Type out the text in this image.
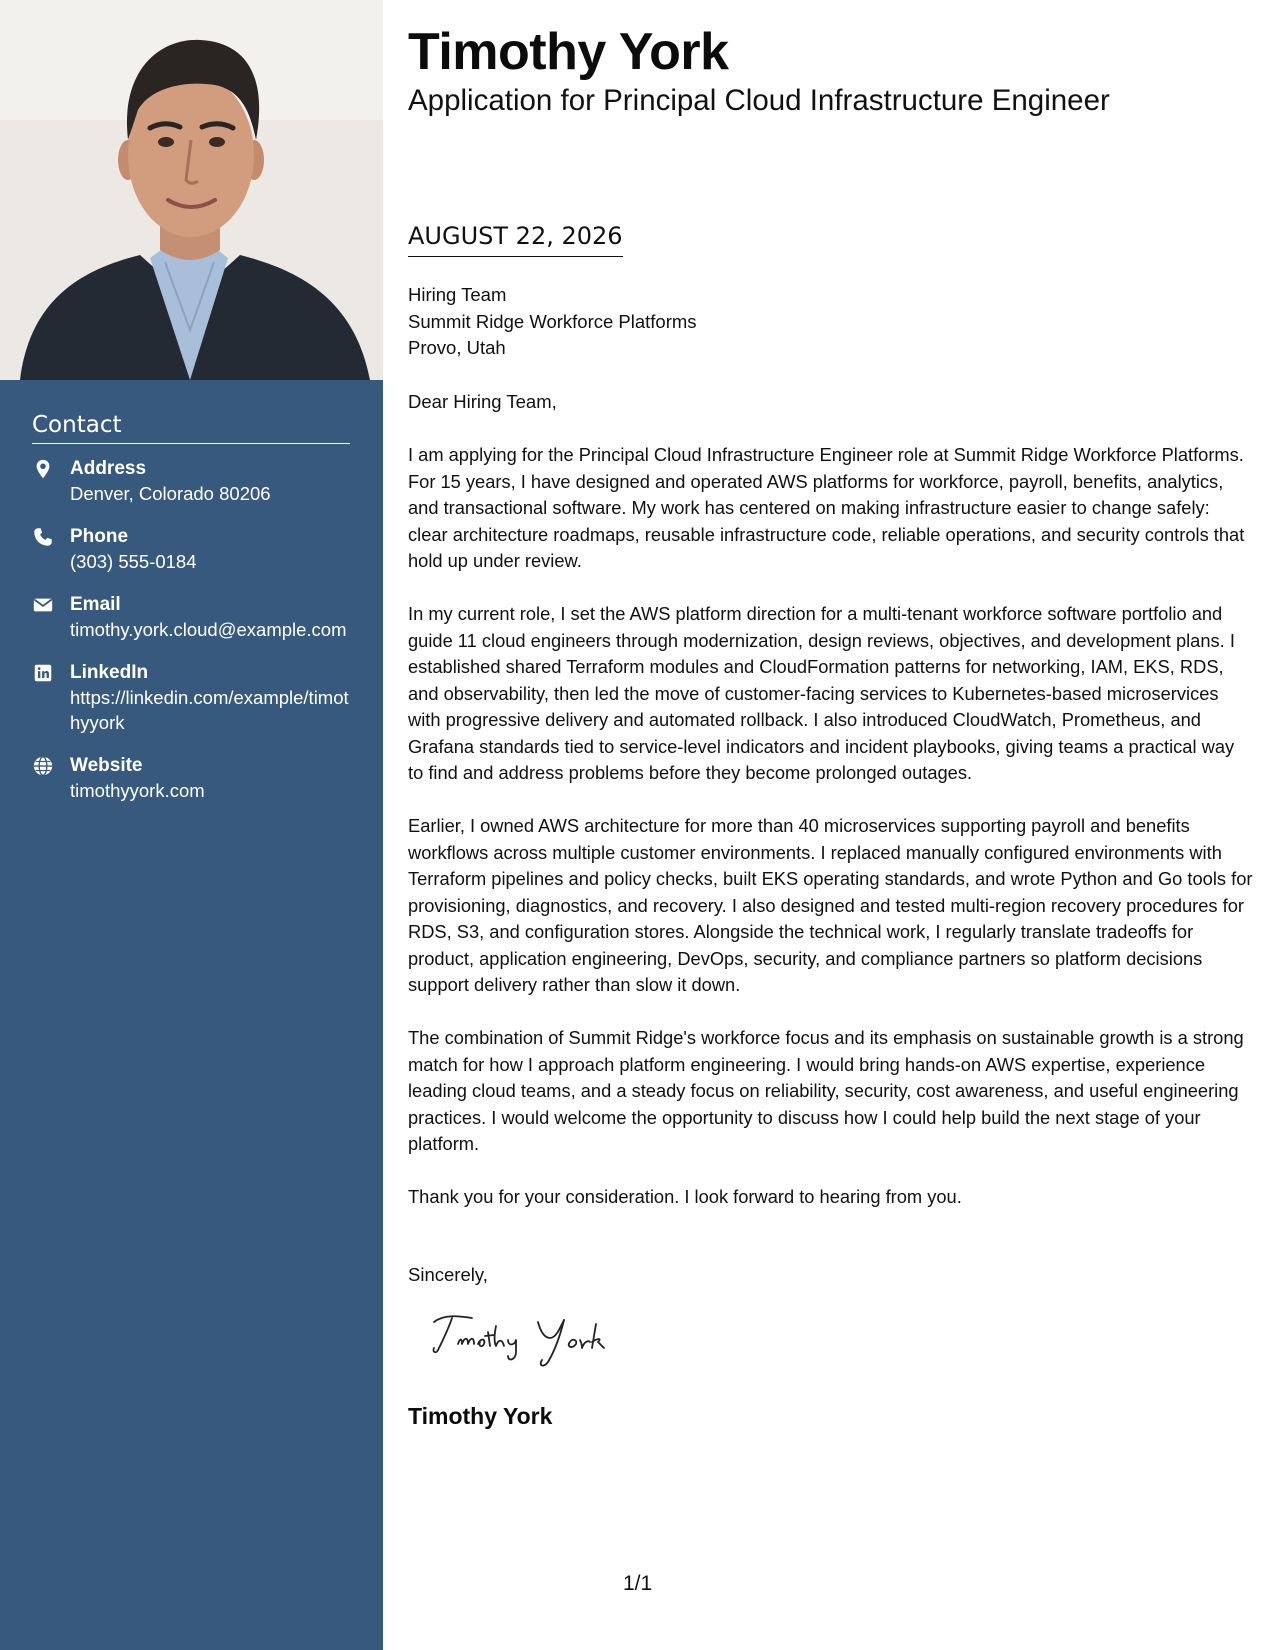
Contact
Address
Denver, Colorado 80206
Phone
(303) 555-0184
Email
timothy.york.cloud@example.com
LinkedIn
https://linkedin.com/example/timothyyork
Website
timothyyork.com
Timothy York
Application for Principal Cloud Infrastructure Engineer
AUGUST 22, 2026
Hiring Team
Summit Ridge Workforce Platforms
Provo, Utah
Dear Hiring Team,

I am applying for the Principal Cloud Infrastructure Engineer role at Summit Ridge Workforce Platforms. For 15 years, I have designed and operated AWS platforms for workforce, payroll, benefits, analytics, and transactional software. My work has centered on making infrastructure easier to change safely: clear architecture roadmaps, reusable infrastructure code, reliable operations, and security controls that hold up under review.

In my current role, I set the AWS platform direction for a multi-tenant workforce software portfolio and guide 11 cloud engineers through modernization, design reviews, objectives, and development plans. I established shared Terraform modules and CloudFormation patterns for networking, IAM, EKS, RDS, and observability, then led the move of customer-facing services to Kubernetes-based microservices with progressive delivery and automated rollback. I also introduced CloudWatch, Prometheus, and Grafana standards tied to service-level indicators and incident playbooks, giving teams a practical way to find and address problems before they become prolonged outages.

Earlier, I owned AWS architecture for more than 40 microservices supporting payroll and benefits workflows across multiple customer environments. I replaced manually configured environments with Terraform pipelines and policy checks, built EKS operating standards, and wrote Python and Go tools for provisioning, diagnostics, and recovery. I also designed and tested multi-region recovery procedures for RDS, S3, and configuration stores. Alongside the technical work, I regularly translate tradeoffs for product, application engineering, DevOps, security, and compliance partners so platform decisions support delivery rather than slow it down.

The combination of Summit Ridge's workforce focus and its emphasis on sustainable growth is a strong match for how I approach platform engineering. I would bring hands-on AWS expertise, experience leading cloud teams, and a steady focus on reliability, security, cost awareness, and useful engineering practices. I would welcome the opportunity to discuss how I could help build the next stage of your platform.

Thank you for your consideration. I look forward to hearing from you.

Sincerely,
Timothy York
1/1
